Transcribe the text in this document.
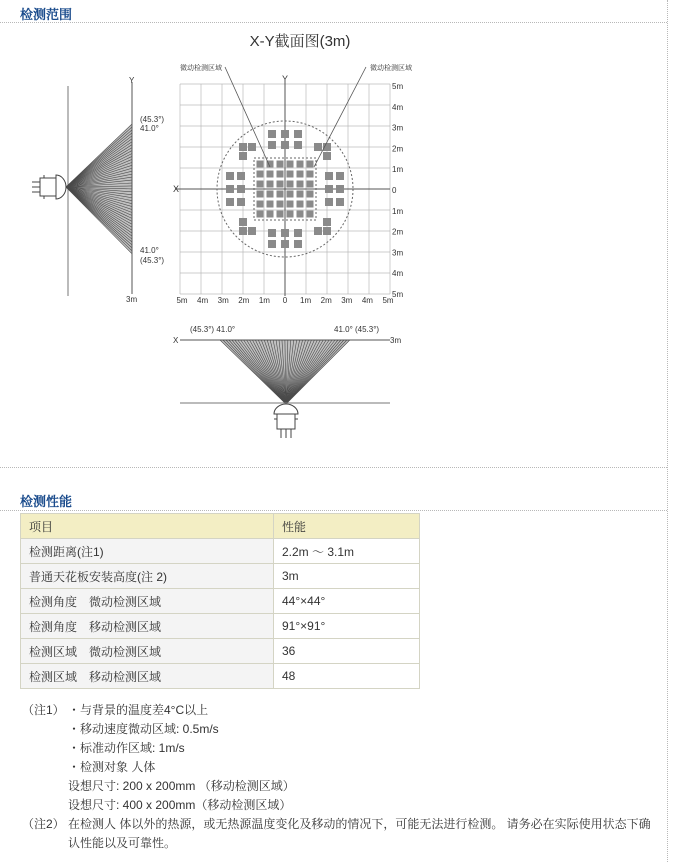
检测范围
X-Y截面图(3m)
Y
(45.3°)
41.0°
41.0°
(45.3°)
3m
X
Y
5m
4m
3m
2m
1m
0
1m
2m
3m
4m
5m
5m 4m 3m 2m 1m 0 1m 2m 3m 4m 5m
微动检测区域	微动检测区域
X
(45.3°) 41.0°	41.0° (45.3°)
3m
检测性能
项目	性能
检测距离(注1)	2.2m ～ 3.1m
普通天花板安装高度(注 2)	3m
检测角度　微动检测区域	44°×44°
检测角度　移动检测区域	91°×91°
检测区域　微动检测区域	36
检测区域　移动检测区域	48
（注1） ・与背景的温度差4°C以上
・移动速度微动区域: 0.5m/s
・标准动作区域: 1m/s
・检测对象 人体
设想尺寸: 200 x 200mm （移动检测区域）
设想尺寸: 400 x 200mm（移动检测区域）
（注2） 在检测人 体以外的热源，或无热源温度变化及移动的情况下，可能无法进行检测。 请务必在实际使用状态下确认性能以及可靠性。
